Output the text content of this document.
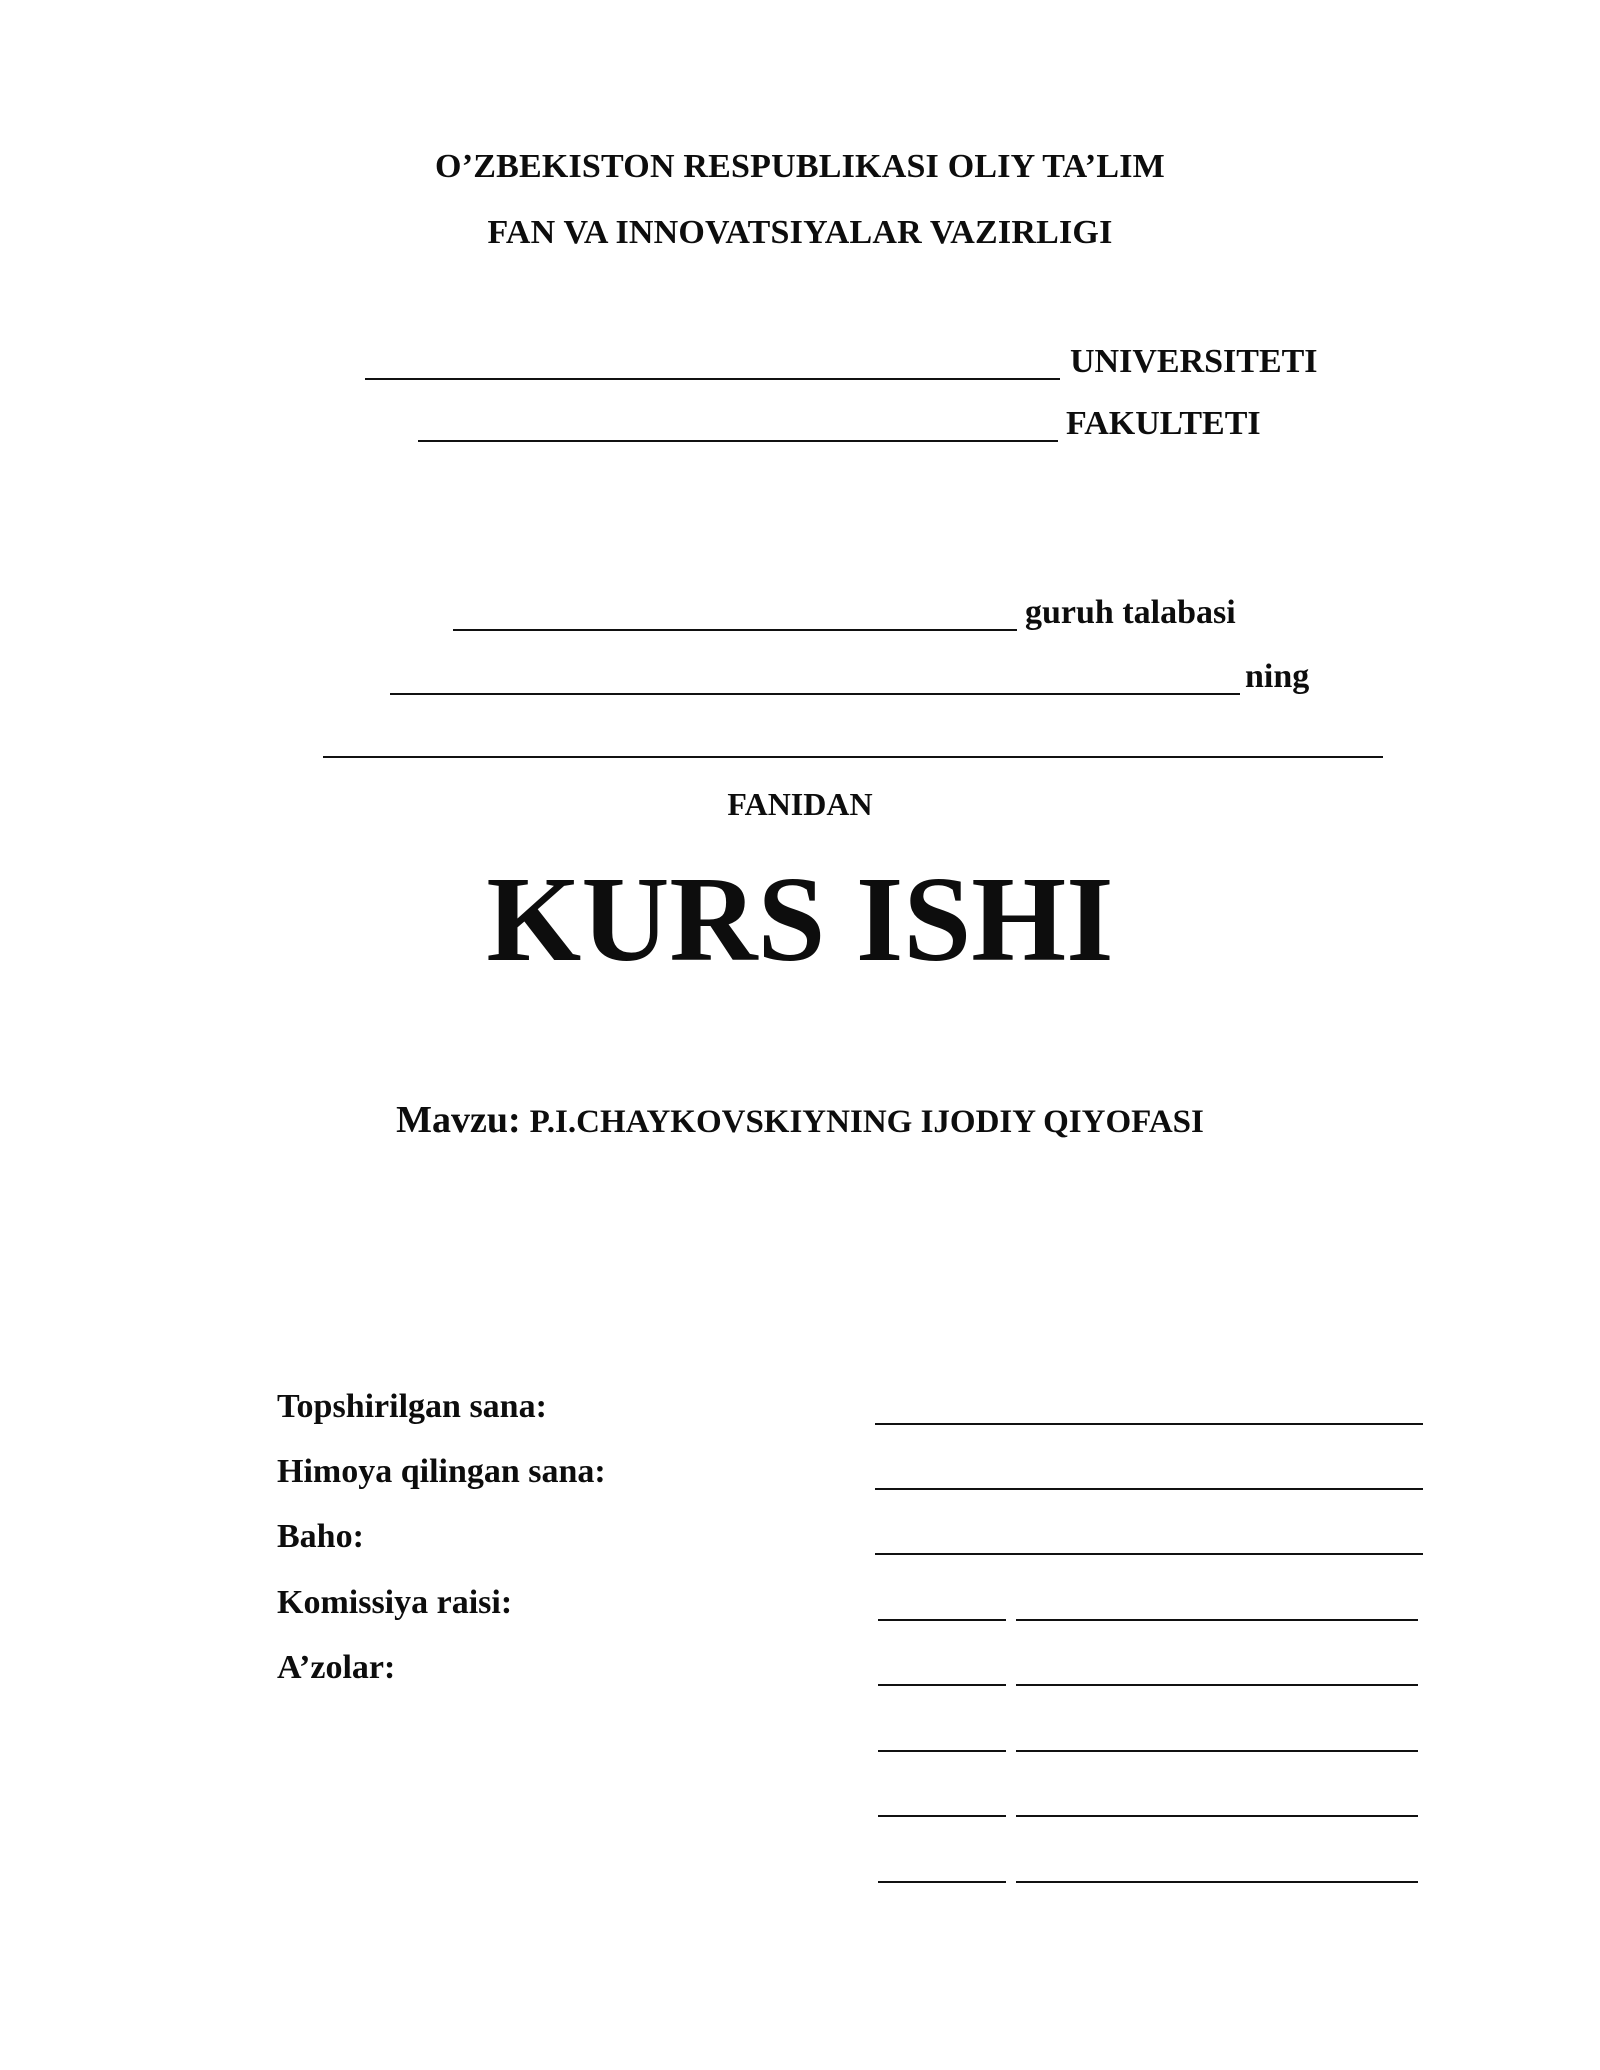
O’ZBEKISTON RESPUBLIKASI OLIY TA’LIM
FAN VA INNOVATSIYALAR VAZIRLIGI
UNIVERSITETI
FAKULTETI
guruh talabasi
ning
FANIDAN
KURS ISHI
Mavzu: P.I.CHAYKOVSKIYNING IJODIY QIYOFASI
Topshirilgan sana:
Himoya qilingan sana:
Baho:
Komissiya raisi:
A’zolar:
